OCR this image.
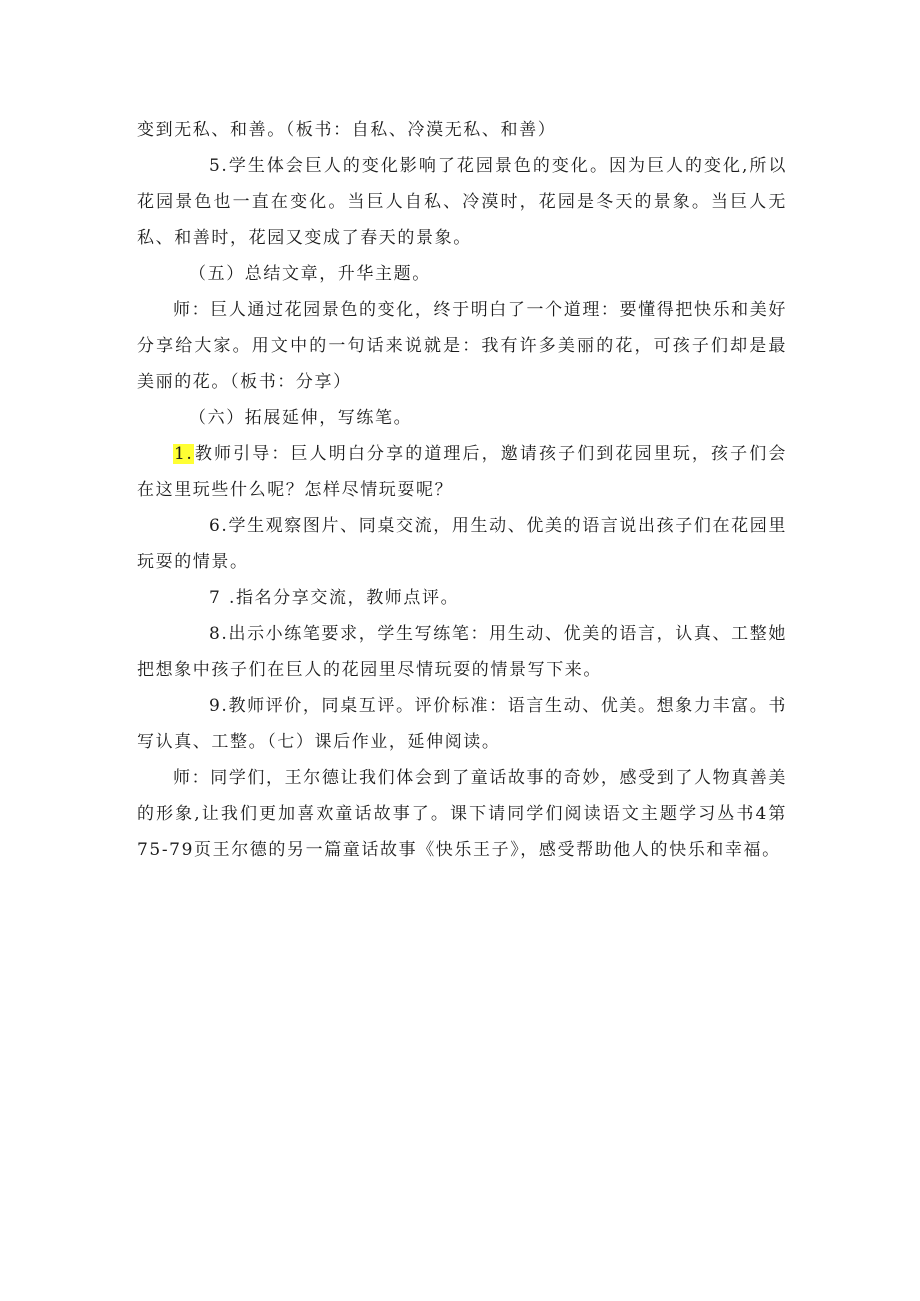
变到无私、和善。（板书：自私、冷漠无私、和善）

5.学生体会巨人的变化影响了花园景色的变化。因为巨人的变化,所以花园景色也一直在变化。当巨人自私、冷漠时，花园是冬天的景象。当巨人无私、和善时，花园又变成了春天的景象。

（五）总结文章，升华主题。

师：巨人通过花园景色的变化，终于明白了一个道理：要懂得把快乐和美好分享给大家。用文中的一句话来说就是：我有许多美丽的花，可孩子们却是最美丽的花。（板书：分享）

（六）拓展延伸，写练笔。

1.教师引导：巨人明白分享的道理后，邀请孩子们到花园里玩，孩子们会在这里玩些什么呢？怎样尽情玩耍呢？

6.学生观察图片、同桌交流，用生动、优美的语言说出孩子们在花园里玩耍的情景。

7 .指名分享交流，教师点评。

8.出示小练笔要求，学生写练笔：用生动、优美的语言，认真、工整她把想象中孩子们在巨人的花园里尽情玩耍的情景写下来。

9.教师评价，同桌互评。评价标准：语言生动、优美。想象力丰富。书写认真、工整。（七）课后作业，延伸阅读。

师：同学们，王尔德让我们体会到了童话故事的奇妙，感受到了人物真善美的形象,让我们更加喜欢童话故事了。课下请同学们阅读语文主题学习丛书4第75-79页王尔德的另一篇童话故事《快乐王子》，感受帮助他人的快乐和幸福。
